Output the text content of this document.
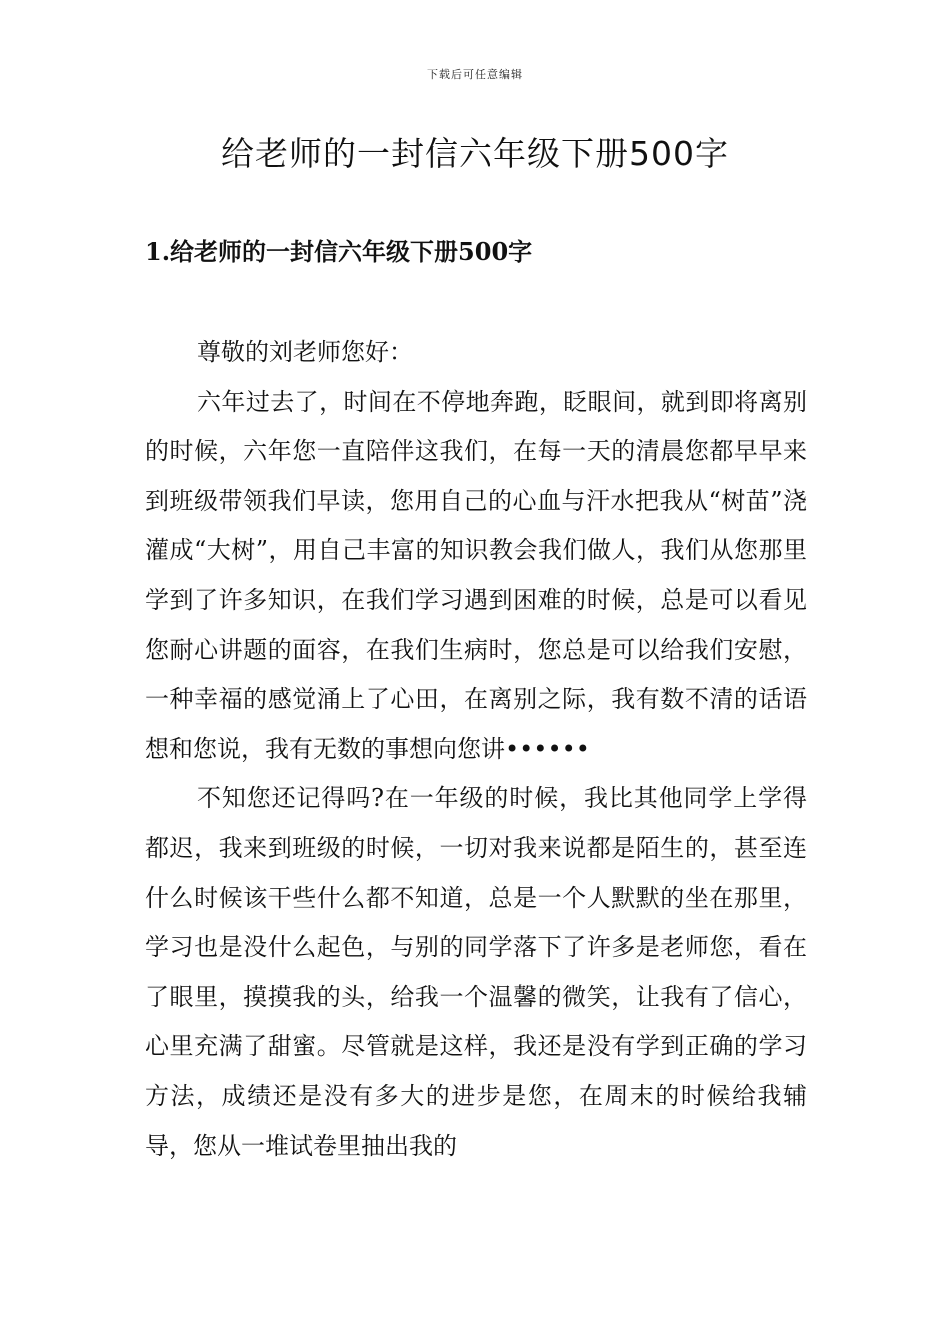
下载后可任意编辑
给老师的一封信六年级下册500字
1.给老师的一封信六年级下册500字

尊敬的刘老师您好：

六年过去了，时间在不停地奔跑，眨眼间，就到即将离别的时候，六年您一直陪伴这我们，在每一天的清晨您都早早来到班级带领我们早读，您用自己的心血与汗水把我从“树苗”浇灌成“大树”，用自己丰富的知识教会我们做人，我们从您那里学到了许多知识，在我们学习遇到困难的时候，总是可以看见您耐心讲题的面容，在我们生病时，您总是可以给我们安慰，一种幸福的感觉涌上了心田，在离别之际，我有数不清的话语想和您说，我有无数的事想向您讲••••••

不知您还记得吗?在一年级的时候，我比其他同学上学得都迟，我来到班级的时候，一切对我来说都是陌生的，甚至连什么时候该干些什么都不知道，总是一个人默默的坐在那里，学习也是没什么起色，与别的同学落下了许多是老师您，看在了眼里，摸摸我的头，给我一个温馨的微笑，让我有了信心，心里充满了甜蜜。尽管就是这样，我还是没有学到正确的学习方法，成绩还是没有多大的进步是您，在周末的时候给我辅导，您从一堆试卷里抽出我的
